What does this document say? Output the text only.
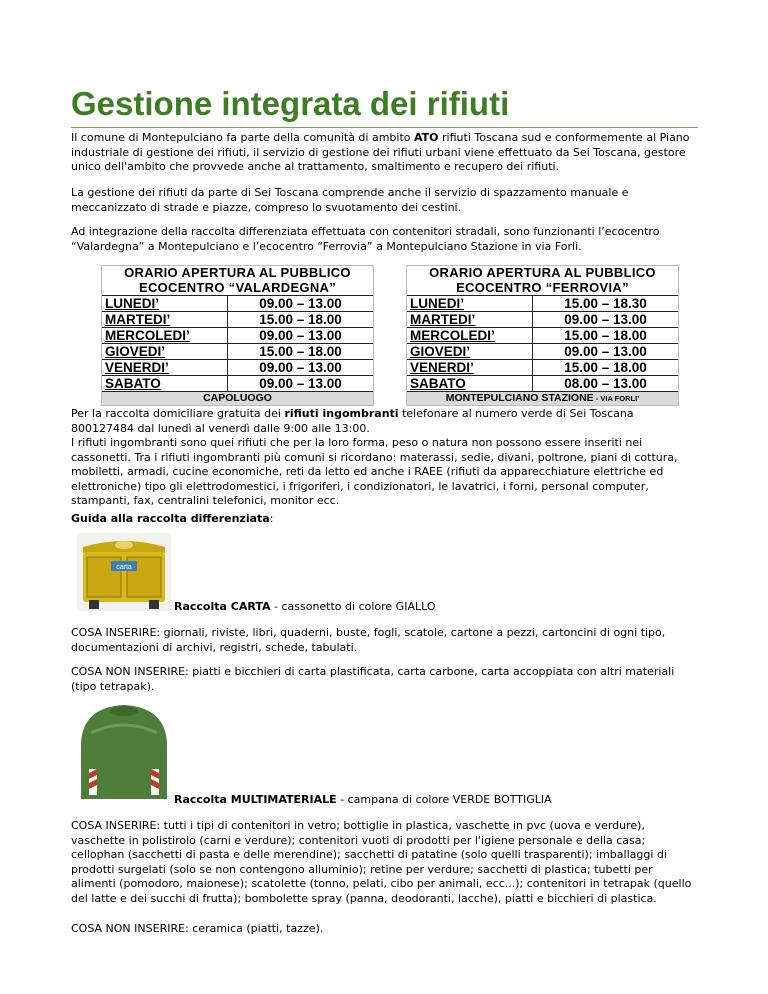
Gestione integrata dei rifiuti

Il comune di Montepulciano fa parte della comunità di ambito ATO rifiuti Toscana sud e conformemente al Piano industriale di gestione dei rifiuti, il servizio di gestione dei rifiuti urbani viene effettuato da Sei Toscana, gestore unico dell'ambito che provvede anche al trattamento, smaltimento e recupero dei rifiuti.

La gestione dei rifiuti da parte di Sei Toscana comprende anche il servizio di spazzamento manuale e meccanizzato di strade e piazze, compreso lo svuotamento dei cestini.

Ad integrazione della raccolta differenziata effettuata con contenitori stradali, sono funzionanti l’ecocentro “Valardegna” a Montepulciano e l’ecocentro “Ferrovia” a Montepulciano Stazione in via Forlì.

ORARIO APERTURA AL PUBBLICO
ECOCENTRO “VALARDEGNA”
LUNEDI’	09.00 – 13.00
MARTEDI’	15.00 – 18.00
MERCOLEDI’	09.00 – 13.00
GIOVEDI’	15.00 – 18.00
VENERDI’	09.00 – 13.00
SABATO	09.00 – 13.00
CAPOLUOGO
ORARIO APERTURA AL PUBBLICO
ECOCENTRO “FERROVIA”
LUNEDI’	15.00 – 18.30
MARTEDI’	09.00 – 13.00
MERCOLEDI’	15.00 – 18.00
GIOVEDI’	09.00 – 13.00
VENERDI’	15.00 – 18.00
SABATO	08.00 – 13.00
MONTEPULCIANO STAZIONE - VIA FORLI’

Per la raccolta domiciliare gratuita dei rifiuti ingombranti telefonare al numero verde di Sei Toscana 800127484 dal lunedì al venerdì dalle 9:00 alle 13:00.
I rifiuti ingombranti sono quei rifiuti che per la loro forma, peso o natura non possono essere inseriti nei cassonetti. Tra i rifiuti ingombranti più comuni si ricordano: materassi, sedie, divani, poltrone, piani di cottura, mobiletti, armadi, cucine economiche, reti da letto ed anche i RAEE (rifiuti da apparecchiature elettriche ed elettroniche) tipo gli elettrodomestici, i frigoriferi, i condizionatori, le lavatrici, i forni, personal computer, stampanti, fax, centralini telefonici, monitor ecc.

Guida alla raccolta differenziata:

carta

Raccolta CARTA - cassonetto di colore GIALLO

COSA INSERIRE: giornali, riviste, libri, quaderni, buste, fogli, scatole, cartone a pezzi, cartoncini di ogni tipo, documentazioni di archivi, registri, schede, tabulati.

COSA NON INSERIRE: piatti e bicchieri di carta plastificata, carta carbone, carta accoppiata con altri materiali (tipo tetrapak).

Raccolta MULTIMATERIALE - campana di colore VERDE BOTTIGLIA

COSA INSERIRE: tutti i tipi di contenitori in vetro; bottiglie in plastica, vaschette in pvc (uova e verdure), vaschette in polistirolo (carni e verdure); contenitori vuoti di prodotti per l'igiene personale e della casa; cellophan (sacchetti di pasta e delle merendine); sacchetti di patatine (solo quelli trasparenti); imballaggi di prodotti surgelati (solo se non contengono alluminio); retine per verdure; sacchetti di plastica; tubetti per alimenti (pomodoro, maionese); scatolette (tonno, pelati, cibo per animali, ecc...); contenitori in tetrapak (quello del latte e dei succhi di frutta); bombolette spray (panna, deodoranti, lacche), piatti e bicchieri di plastica.

COSA NON INSERIRE: ceramica (piatti, tazze).
